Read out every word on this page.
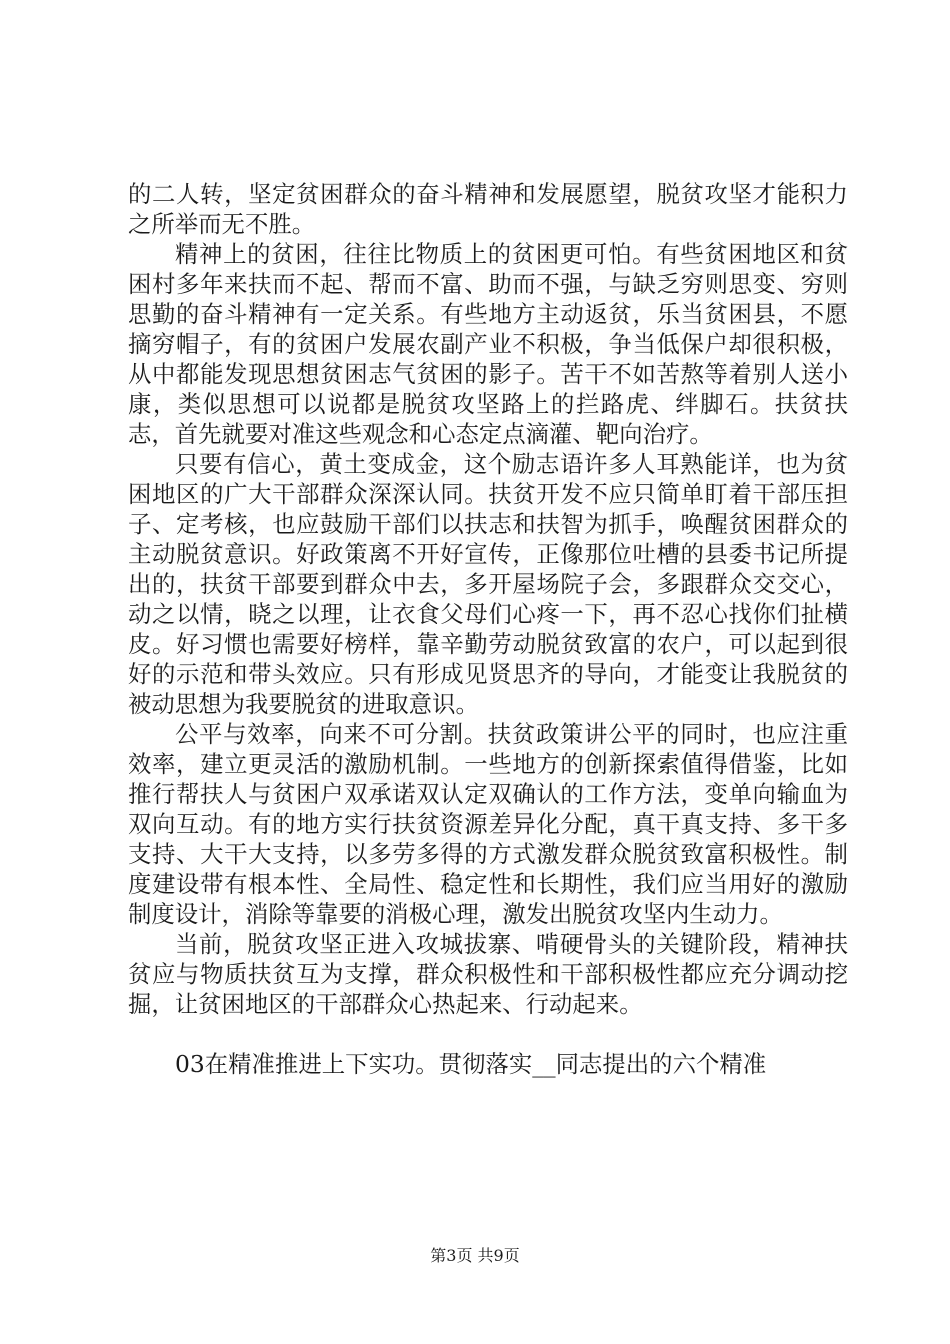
的二人转，坚定贫困群众的奋斗精神和发展愿望，脱贫攻坚才能积力之所举而无不胜。

精神上的贫困，往往比物质上的贫困更可怕。有些贫困地区和贫困村多年来扶而不起、帮而不富、助而不强，与缺乏穷则思变、穷则思勤的奋斗精神有一定关系。有些地方主动返贫，乐当贫困县，不愿摘穷帽子，有的贫困户发展农副产业不积极，争当低保户却很积极，从中都能发现思想贫困志气贫困的影子。苦干不如苦熬等着别人送小康，类似思想可以说都是脱贫攻坚路上的拦路虎、绊脚石。扶贫扶志，首先就要对准这些观念和心态定点滴灌、靶向治疗。

只要有信心，黄土变成金，这个励志语许多人耳熟能详，也为贫困地区的广大干部群众深深认同。扶贫开发不应只简单盯着干部压担子、定考核，也应鼓励干部们以扶志和扶智为抓手，唤醒贫困群众的主动脱贫意识。好政策离不开好宣传，正像那位吐槽的县委书记所提出的，扶贫干部要到群众中去，多开屋场院子会，多跟群众交交心，动之以情，晓之以理，让衣食父母们心疼一下，再不忍心找你们扯横皮。好习惯也需要好榜样，靠辛勤劳动脱贫致富的农户，可以起到很好的示范和带头效应。只有形成见贤思齐的导向，才能变让我脱贫的被动思想为我要脱贫的进取意识。

公平与效率，向来不可分割。扶贫政策讲公平的同时，也应注重效率，建立更灵活的激励机制。一些地方的创新探索值得借鉴，比如推行帮扶人与贫困户双承诺双认定双确认的工作方法，变单向输血为双向互动。有的地方实行扶贫资源差异化分配，真干真支持、多干多支持、大干大支持，以多劳多得的方式激发群众脱贫致富积极性。制度建设带有根本性、全局性、稳定性和长期性，我们应当用好的激励制度设计，消除等靠要的消极心理，激发出脱贫攻坚内生动力。

当前，脱贫攻坚正进入攻城拔寨、啃硬骨头的关键阶段，精神扶贫应与物质扶贫互为支撑，群众积极性和干部积极性都应充分调动挖掘，让贫困地区的干部群众心热起来、行动起来。

03在精准推进上下实功。贯彻落实__同志提出的六个精准

第3页 共9页
